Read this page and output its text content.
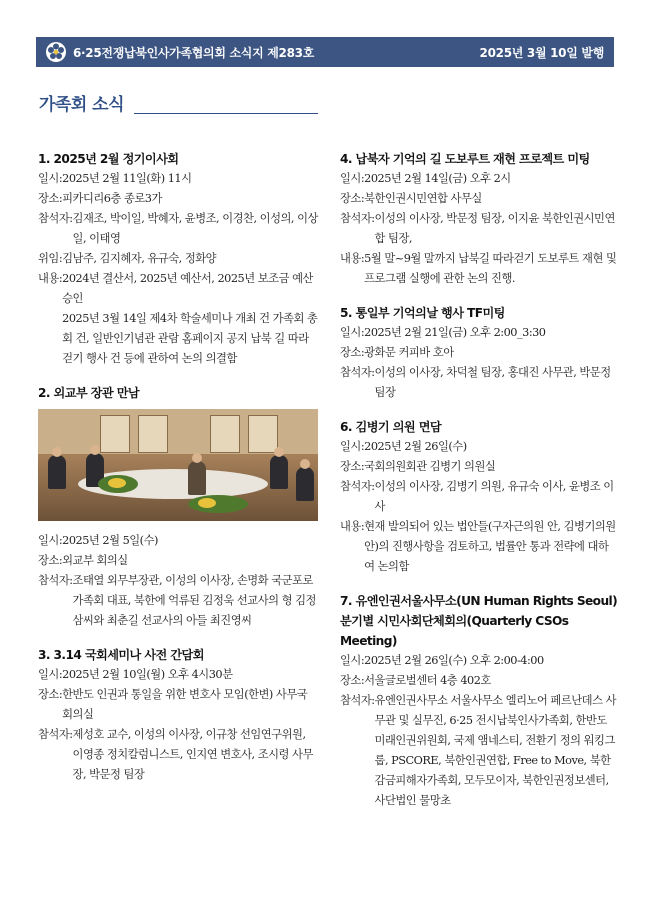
6·25전쟁납북인사가족협의회 소식지 제283호	2025년 3월 10일 발행
가족회 소식
1. 2025년 2월 정기이사회
일시: 2025년 2월 11일(화) 11시
장소: 피카디리6층 종로3가
참석자: 김재조, 박이일, 박혜자, 윤병조, 이경찬, 이성의, 이상일, 이태영
위임: 김남주, 김지혜자, 유규숙, 정화양
내용: 2024년 결산서, 2025년 예산서, 2025년 보조금 예산 승인
2025년 3월 14일 제4차 학술세미나 개최 건 가족회 총회 건, 일반인기념관 관람 홈페이지 공지 납북 길 따라 걷기 행사 건 등에 관하여 논의 의결함
2. 외교부 장관 만남
일시: 2025년 2월 5일(수)
장소: 외교부 회의실
참석자: 조태열 외무부장관, 이성의 이사장, 손명화 국군포로가족회 대표, 북한에 억류된 김정욱 선교사의 형 김정삼씨와 최춘길 선교사의 아들 최진영씨
3. 3.14 국회세미나 사전 간담회
일시: 2025년 2월 10일(월) 오후 4시30분
장소: 한반도 인권과 통일을 위한 변호사 모임(한변) 사무국 회의실
참석자: 제성호 교수, 이성의 이사장, 이규창 선임연구위원, 이영종 정치칼럼니스트, 인지연 변호사, 조시령 사무장, 박문정 팀장
4. 납북자 기억의 길 도보루트 재현 프로젝트 미팅
일시: 2025년 2월 14일(금) 오후 2시
장소: 북한인권시민연합 사무실
참석자: 이성의 이사장, 박문정 팀장, 이지윤 북한인권시민연합 팀장,
내용: 5월 말~9월 말까지 납북길 따라걷기 도보루트 재현 및 프로그램 실행에 관한 논의 진행.
5. 통일부 기억의날 행사 TF미팅
일시: 2025년 2월 21일(금) 오후 2:00_3:30
장소: 광화문 커피바 호아
참석자: 이성의 이사장, 차덕철 팀장, 홍대진 사무관, 박문정 팀장
6. 김병기 의원 면담
일시: 2025년 2월 26일(수)
장소: 국회의원회관 김병기 의원실
참석자: 이성의 이사장, 김병기 의원, 유규숙 이사, 윤병조 이사
내용: 현재 발의되어 있는 법안들(구자근의원 안, 김병기의원 안)의 진행사항을 검토하고, 법률안 통과 전략에 대하여 논의함
7. 유엔인권서울사무소(UN Human Rights Seoul) 분기별 시민사회단체회의(Quarterly CSOs Meeting)
일시: 2025년 2월 26일(수) 오후 2:00-4:00
장소: 서울글로벌센터 4층 402호
참석자: 유엔인권사무소 서울사무소 엘리노어 페르난데스 사무관 및 실무진, 6·25 전시납북인사가족회, 한반도 미래인권위원회, 국제 앰네스티, 전환기 정의 워킹그룹, PSCORE, 북한인권연합, Free to Move, 북한감금피해자가족회, 모두모이자, 북한인권정보센터, 사단법인 물망초
